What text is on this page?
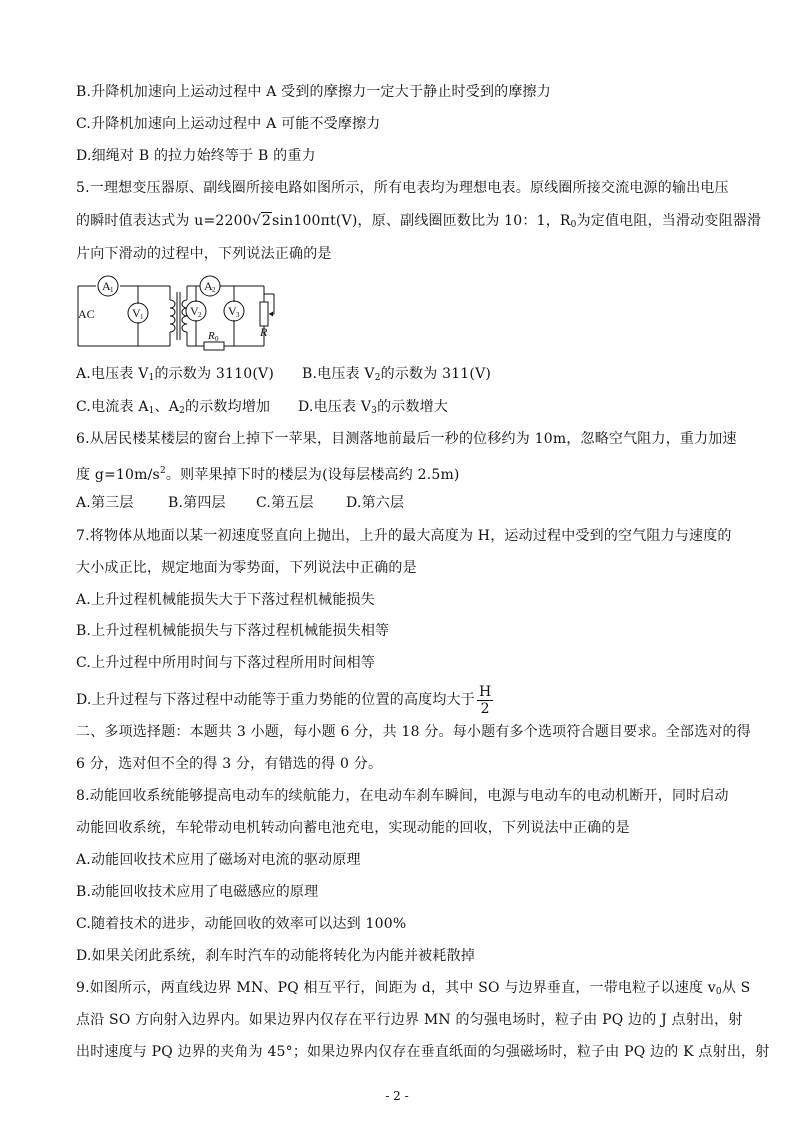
B.升降机加速向上运动过程中 A 受到的摩擦力一定大于静止时受到的摩擦力
C.升降机加速向上运动过程中 A 可能不受摩擦力
D.细绳对 B 的拉力始终等于 B 的重力
5.一理想变压器原、副线圈所接电路如图所示，所有电表均为理想电表。原线圈所接交流电源的输出电压
的瞬时值表达式为 u=2200√2sin100πt(V)，原、副线圈匝数比为 10：1，$R_0$为定值电阻，当滑动变阻器滑
片向下滑动的过程中，下列说法正确的是
AC
A 1
V 1
A 2
V 2 V 3
R
R 0
A.电压表 $V_1$的示数为 3110(V) B.电压表 $V_2$的示数为 311(V)
C.电流表 $A_1$、$A_2$的示数均增加 D.电压表 $V_3$的示数增大
6.从居民楼某楼层的窗台上掉下一苹果，目测落地前最后一秒的位移约为 10m，忽略空气阻力，重力加速
度 $g=10m/s^2$。则苹果掉下时的楼层为(设每层楼高约 2.5m)
A.第三层 B.第四层 C.第五层 D.第六层
7.将物体从地面以某一初速度竖直向上抛出，上升的最大高度为 H，运动过程中受到的空气阻力与速度的
大小成正比，规定地面为零势面，下列说法中正确的是
A.上升过程机械能损失大于下落过程机械能损失
B.上升过程机械能损失与下落过程机械能损失相等
C.上升过程中所用时间与下落过程所用时间相等
D.上升过程与下落过程中动能等于重力势能的位置的高度均大于 $\frac{H}{2}$
二、多项选择题：本题共 3 小题，每小题 6 分，共 18 分。每小题有多个选项符合题目要求。全部选对的得
6 分，选对但不全的得 3 分，有错选的得 0 分。
8.动能回收系统能够提高电动车的续航能力，在电动车刹车瞬间，电源与电动车的电动机断开，同时启动
动能回收系统，车轮带动电机转动向蓄电池充电，实现动能的回收，下列说法中正确的是
A.动能回收技术应用了磁场对电流的驱动原理
B.动能回收技术应用了电磁感应的原理
C.随着技术的进步，动能回收的效率可以达到 100%
D.如果关闭此系统，刹车时汽车的动能将转化为内能并被耗散掉
9.如图所示，两直线边界 MN、PQ 相互平行，间距为 d，其中 SO 与边界垂直，一带电粒子以速度 $v_0$从 S
点沿 SO 方向射入边界内。如果边界内仅存在平行边界 MN 的匀强电场时，粒子由 PQ 边的 J 点射出，射
出时速度与 PQ 边界的夹角为 45°；如果边界内仅存在垂直纸面的匀强磁场时，粒子由 PQ 边的 K 点射出，射
- 2 -
